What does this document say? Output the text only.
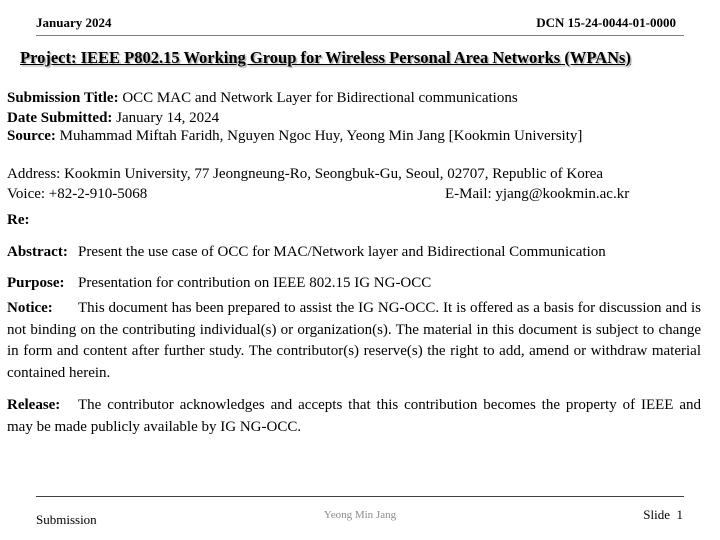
January 2024	DCN 15-24-0044-01-0000
Project: IEEE P802.15 Working Group for Wireless Personal Area Networks (WPANs)
Submission Title: OCC MAC and Network Layer for Bidirectional communications
Date Submitted: January 14, 2024
Source: Muhammad Miftah Faridh, Nguyen Ngoc Huy, Yeong Min Jang [Kookmin University]
Address: Kookmin University, 77 Jeongneung-Ro, Seongbuk-Gu, Seoul, 02707, Republic of Korea
Voice: +82-2-910-5068	E-Mail: yjang@kookmin.ac.kr
Re:
Abstract: Present the use case of OCC for MAC/Network layer and Bidirectional Communication
Purpose: Presentation for contribution on IEEE 802.15 IG NG-OCC
Notice: This document has been prepared to assist the IG NG-OCC. It is offered as a basis for discussion and is not binding on the contributing individual(s) or organization(s). The material in this document is subject to change in form and content after further study. The contributor(s) reserve(s) the right to add, amend or withdraw material contained herein.
Release: The contributor acknowledges and accepts that this contribution becomes the property of IEEE and may be made publicly available by IG NG-OCC.
Submission	Yeong Min Jang	Slide 1
